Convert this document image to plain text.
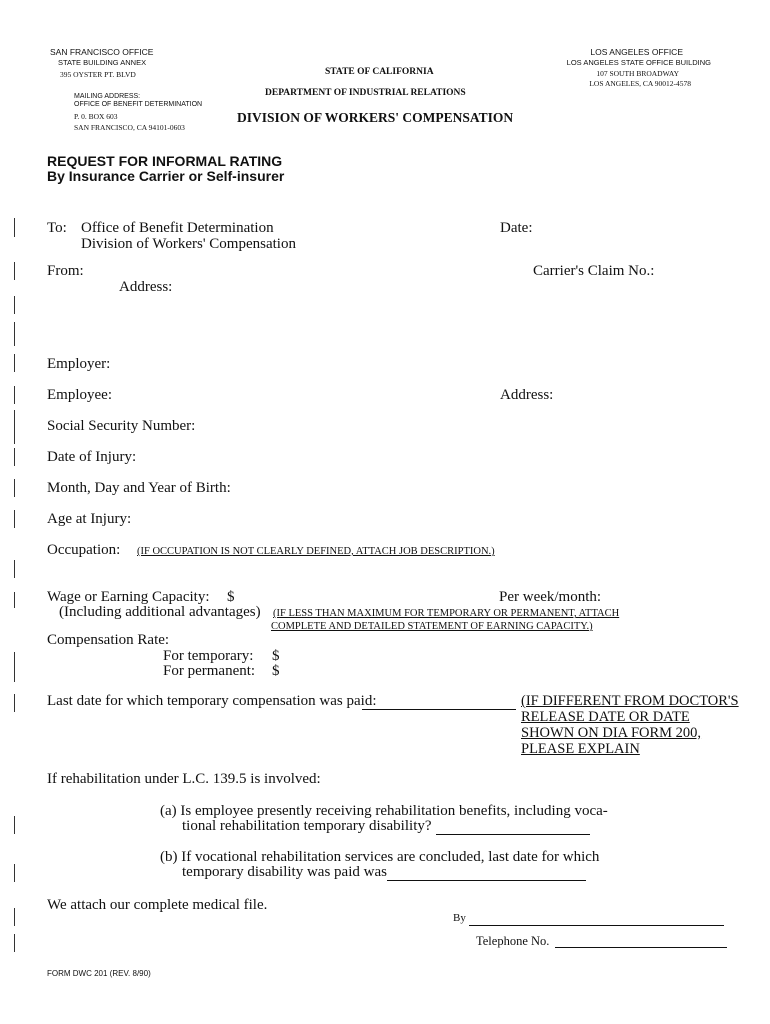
SAN FRANCISCO OFFICE
STATE BUILDING ANNEX
395 OYSTER PT. BLVD
MAILING ADDRESS:
OFFICE OF BENEFIT DETERMINATION
P. 0. BOX 603
SAN FRANCISCO, CA 94101-0603
STATE OF CALIFORNIA
DEPARTMENT OF INDUSTRIAL RELATIONS
DIVISION OF WORKERS' COMPENSATION
LOS ANGELES OFFICE
LOS ANGELES STATE OFFICE BUILDING
107 SOUTH BROADWAY
LOS ANGELES, CA 90012-4578
REQUEST FOR INFORMAL RATING
By Insurance Carrier or Self-insurer
To: Office of Benefit Determination
Division of Workers' Compensation
Date:
From:	Carrier's Claim No.:
Address:
Employer:
Employee:	Address:
Social Security Number:
Date of Injury:
Month, Day and Year of Birth:
Age at Injury:
Occupation: (IF OCCUPATION IS NOT CLEARLY DEFINED, ATTACH JOB DESCRIPTION.)
Wage or Earning Capacity: $	Per week/month:
(Including additional advantages) (IF LESS THAN MAXIMUM FOR TEMPORARY OR PERMANENT, ATTACH
COMPLETE AND DETAILED STATEMENT OF EARNING CAPACITY.)
Compensation Rate:
For temporary: $
For permanent: $
Last date for which temporary compensation was paid:	(IF DIFFERENT FROM DOCTOR'S
RELEASE DATE OR DATE
SHOWN ON DIA FORM 200,
PLEASE EXPLAIN
If rehabilitation under L.C. 139.5 is involved:
(a) Is employee presently receiving rehabilitation benefits, including voca-
tional rehabilitation temporary disability?
(b) If vocational rehabilitation services are concluded, last date for which
temporary disability was paid was
We attach our complete medical file.
By
Telephone No.
FORM DWC 201 (REV. 8/90)
